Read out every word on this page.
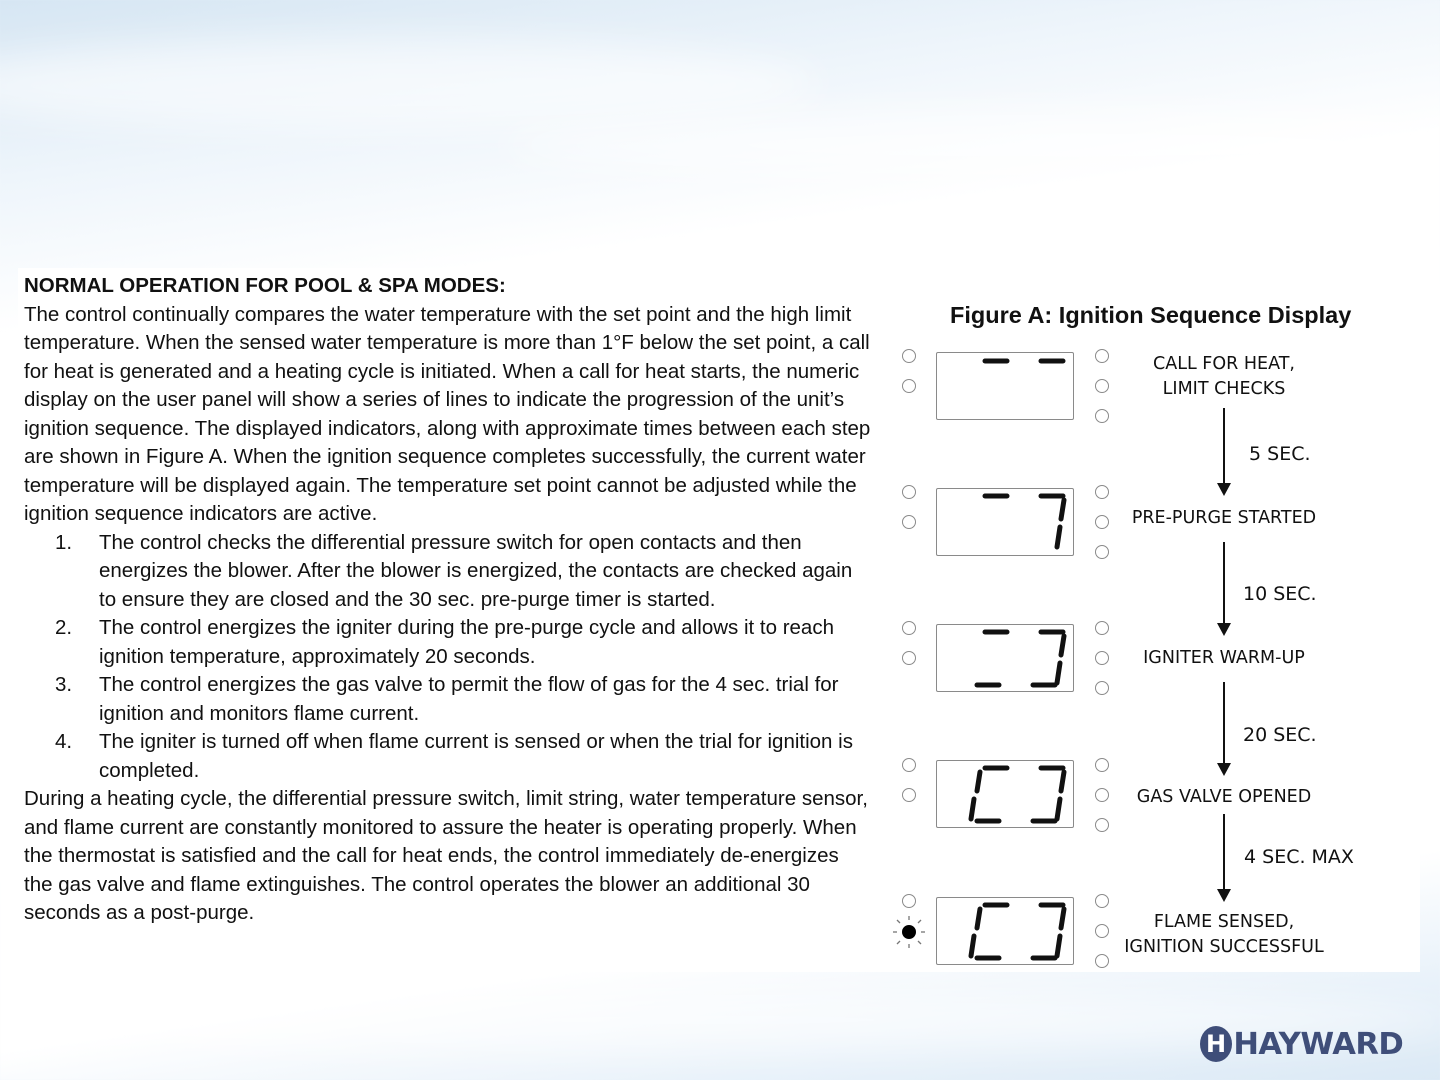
NORMAL OPERATION FOR POOL & SPA MODES:

The control continually compares the water temperature with the set point and the high limit temperature. When the sensed water temperature is more than 1°F below the set point, a call for heat is generated and a heating cycle is initiated. When a call for heat starts, the numeric display on the user panel will show a series of lines to indicate the progression of the unit’s ignition sequence. The displayed indicators, along with approximate times between each step are shown in Figure A. When the ignition sequence completes successfully, the current water temperature will be displayed again. The temperature set point cannot be adjusted while the ignition sequence indicators are active.

1. The control checks the differential pressure switch for open contacts and then energizes the blower. After the blower is energized, the contacts are checked again to ensure they are closed and the 30 sec. pre-purge timer is started.
2. The control energizes the igniter during the pre-purge cycle and allows it to reach ignition temperature, approximately 20 seconds.
3. The control energizes the gas valve to permit the flow of gas for the 4 sec. trial for ignition and monitors flame current.
4. The igniter is turned off when flame current is sensed or when the trial for ignition is completed.

During a heating cycle, the differential pressure switch, limit string, water temperature sensor, and flame current are constantly monitored to assure the heater is operating properly. When the thermostat is satisfied and the call for heat ends, the control immediately de-energizes the gas valve and flame extinguishes. The control operates the blower an additional 30 seconds as a post-purge.

Figure A: Ignition Sequence Display
CALL FOR HEAT,
LIMIT CHECKS
5 SEC.
PRE-PURGE STARTED
10 SEC.
IGNITER WARM-UP
20 SEC.
GAS VALVE OPENED
4 SEC. MAX
FLAME SENSED,
IGNITION SUCCESSFUL
H HAYWARD
